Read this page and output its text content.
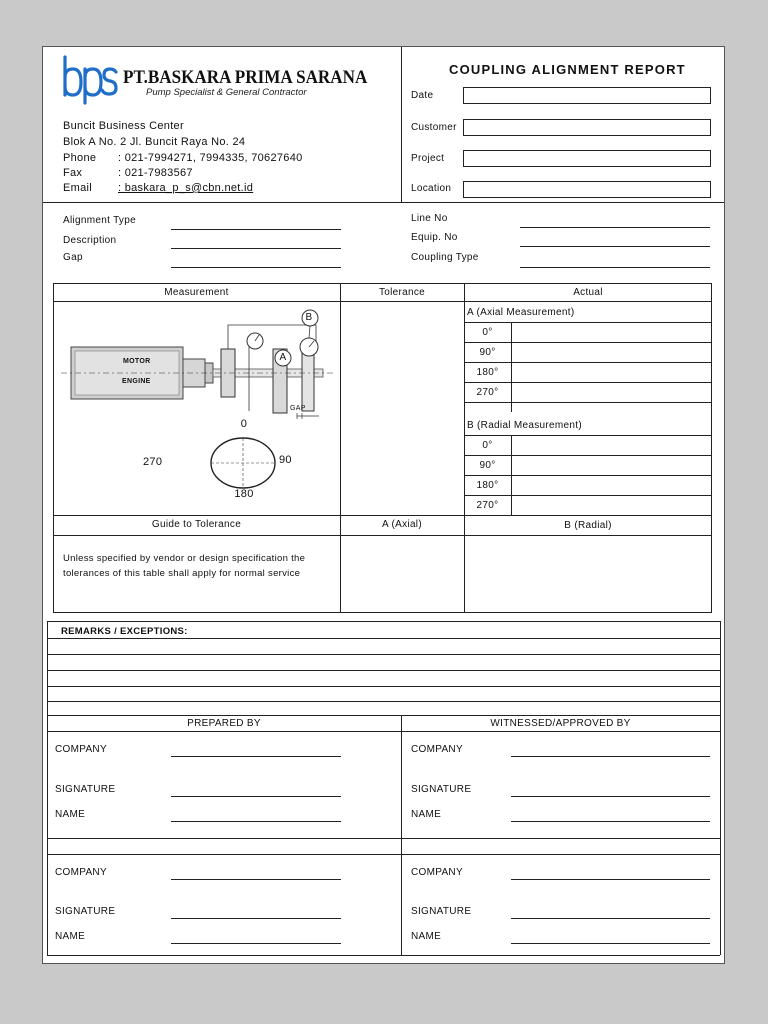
PT.BASKARA PRIMA SARANA
Pump Specialist & General Contractor
Buncit Business Center
Blok A No. 2 Jl. Buncit Raya No. 24
Phone : 021-7994271, 7994335, 70627640
Fax	: 021-7983567
Email : baskara_p_s@cbn.net.id
COUPLING ALIGNMENT REPORT
Date
Customer
Project
Location
Alignment Type
Description
Gap
Line No
Equip. No
Coupling Type
Measurement	Tolerance	Actual
A (Axial Measurement)
0°
90°
180°
270°
B (Radial Measurement)
0°
90°
180°
270°
Guide to Tolerance	A (Axial)	B (Radial)
Unless specified by vendor or design specification the
tolerances of this table shall apply for normal service
MOTOR
ENGINE
B
A
GAP
0
90
180
270
REMARKS / EXCEPTIONS:
PREPARED BY	WITNESSED/APPROVED BY
COMPANY
SIGNATURE
NAME
COMPANY
SIGNATURE
NAME
COMPANY
SIGNATURE
NAME
COMPANY
SIGNATURE
NAME
